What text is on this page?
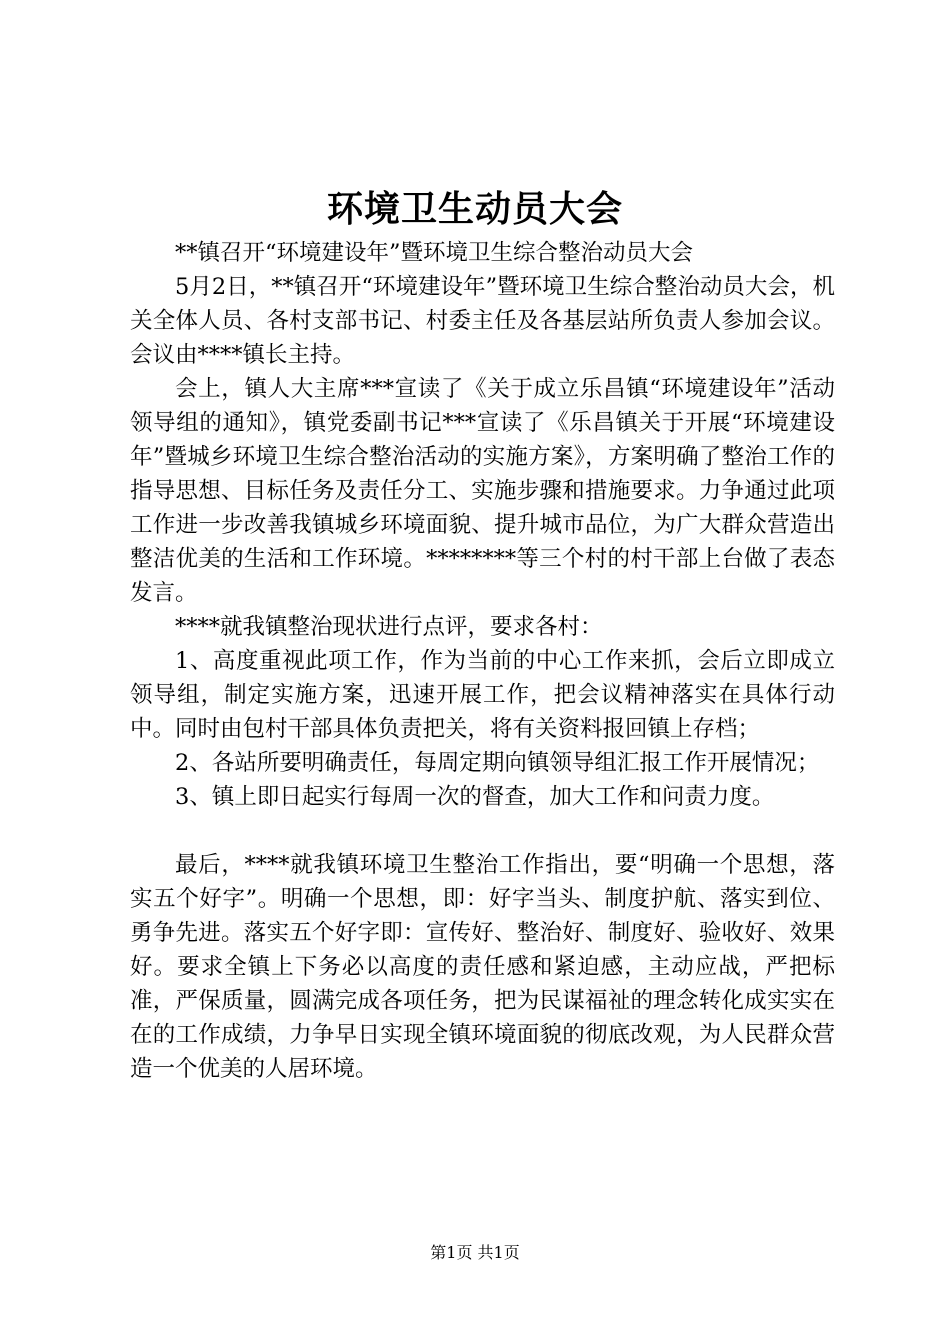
环境卫生动员大会

**镇召开“环境建设年”暨环境卫生综合整治动员大会

5月2日，**镇召开“环境建设年”暨环境卫生综合整治动员大会，机关全体人员、各村支部书记、村委主任及各基层站所负责人参加会议。会议由****镇长主持。

会上，镇人大主席***宣读了《关于成立乐昌镇“环境建设年”活动领导组的通知》，镇党委副书记***宣读了《乐昌镇关于开展“环境建设年”暨城乡环境卫生综合整治活动的实施方案》，方案明确了整治工作的指导思想、目标任务及责任分工、实施步骤和措施要求。力争通过此项工作进一步改善我镇城乡环境面貌、提升城市品位，为广大群众营造出整洁优美的生活和工作环境。********等三个村的村干部上台做了表态发言。

****就我镇整治现状进行点评，要求各村：

1、高度重视此项工作，作为当前的中心工作来抓，会后立即成立领导组，制定实施方案，迅速开展工作，把会议精神落实在具体行动中。同时由包村干部具体负责把关，将有关资料报回镇上存档；

2、各站所要明确责任，每周定期向镇领导组汇报工作开展情况；

3、镇上即日起实行每周一次的督查，加大工作和问责力度。

最后，****就我镇环境卫生整治工作指出，要“明确一个思想，落实五个好字”。明确一个思想，即：好字当头、制度护航、落实到位、勇争先进。落实五个好字即：宣传好、整治好、制度好、验收好、效果好。要求全镇上下务必以高度的责任感和紧迫感，主动应战，严把标准，严保质量，圆满完成各项任务，把为民谋福祉的理念转化成实实在在的工作成绩，力争早日实现全镇环境面貌的彻底改观，为人民群众营造一个优美的人居环境。

第1页 共1页
